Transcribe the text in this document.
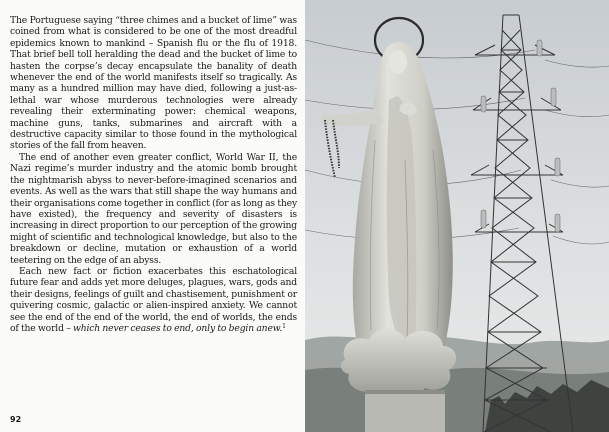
The Portuguese saying “three chimes and a bucket of lime” was coined from what is considered to be one of the most dreadful epidemics known to mankind – Spanish flu or the flu of 1918. That brief bell toll heralding the dead and the bucket of lime to hasten the corpse’s decay encapsulate the banality of death whenever the end of the world manifests itself so tragically. As many as a hundred million may have died, following a just-as-lethal war whose murderous technologies were already revealing their exterminating power: chemical weapons, machine guns, tanks, submarines and aircraft with a destructive capacity similar to those found in the mythological stories of the fall from heaven.

The end of another even greater conflict, World War II, the Nazi regime’s murder industry and the atomic bomb brought the nightmarish abyss to never-before-imagined scenarios and events. As well as the wars that still shape the way humans and their organisations come together in conflict (for as long as they have existed), the frequency and severity of disasters is increasing in direct proportion to our perception of the growing might of scientific and technological knowledge, but also to the breakdown or decline, mutation or exhaustion of a world teetering on the edge of an abyss.

Each new fact or fiction exacerbates this eschatological future fear and adds yet more deluges, plagues, wars, gods and their designs, feelings of guilt and chastisement, punishment or quivering cosmic, galactic or alien-inspired anxiety. We cannot see the end of the end of the world, the end of worlds, the ends of the world – which never ceases to end, only to begin anew.$^1$

92
